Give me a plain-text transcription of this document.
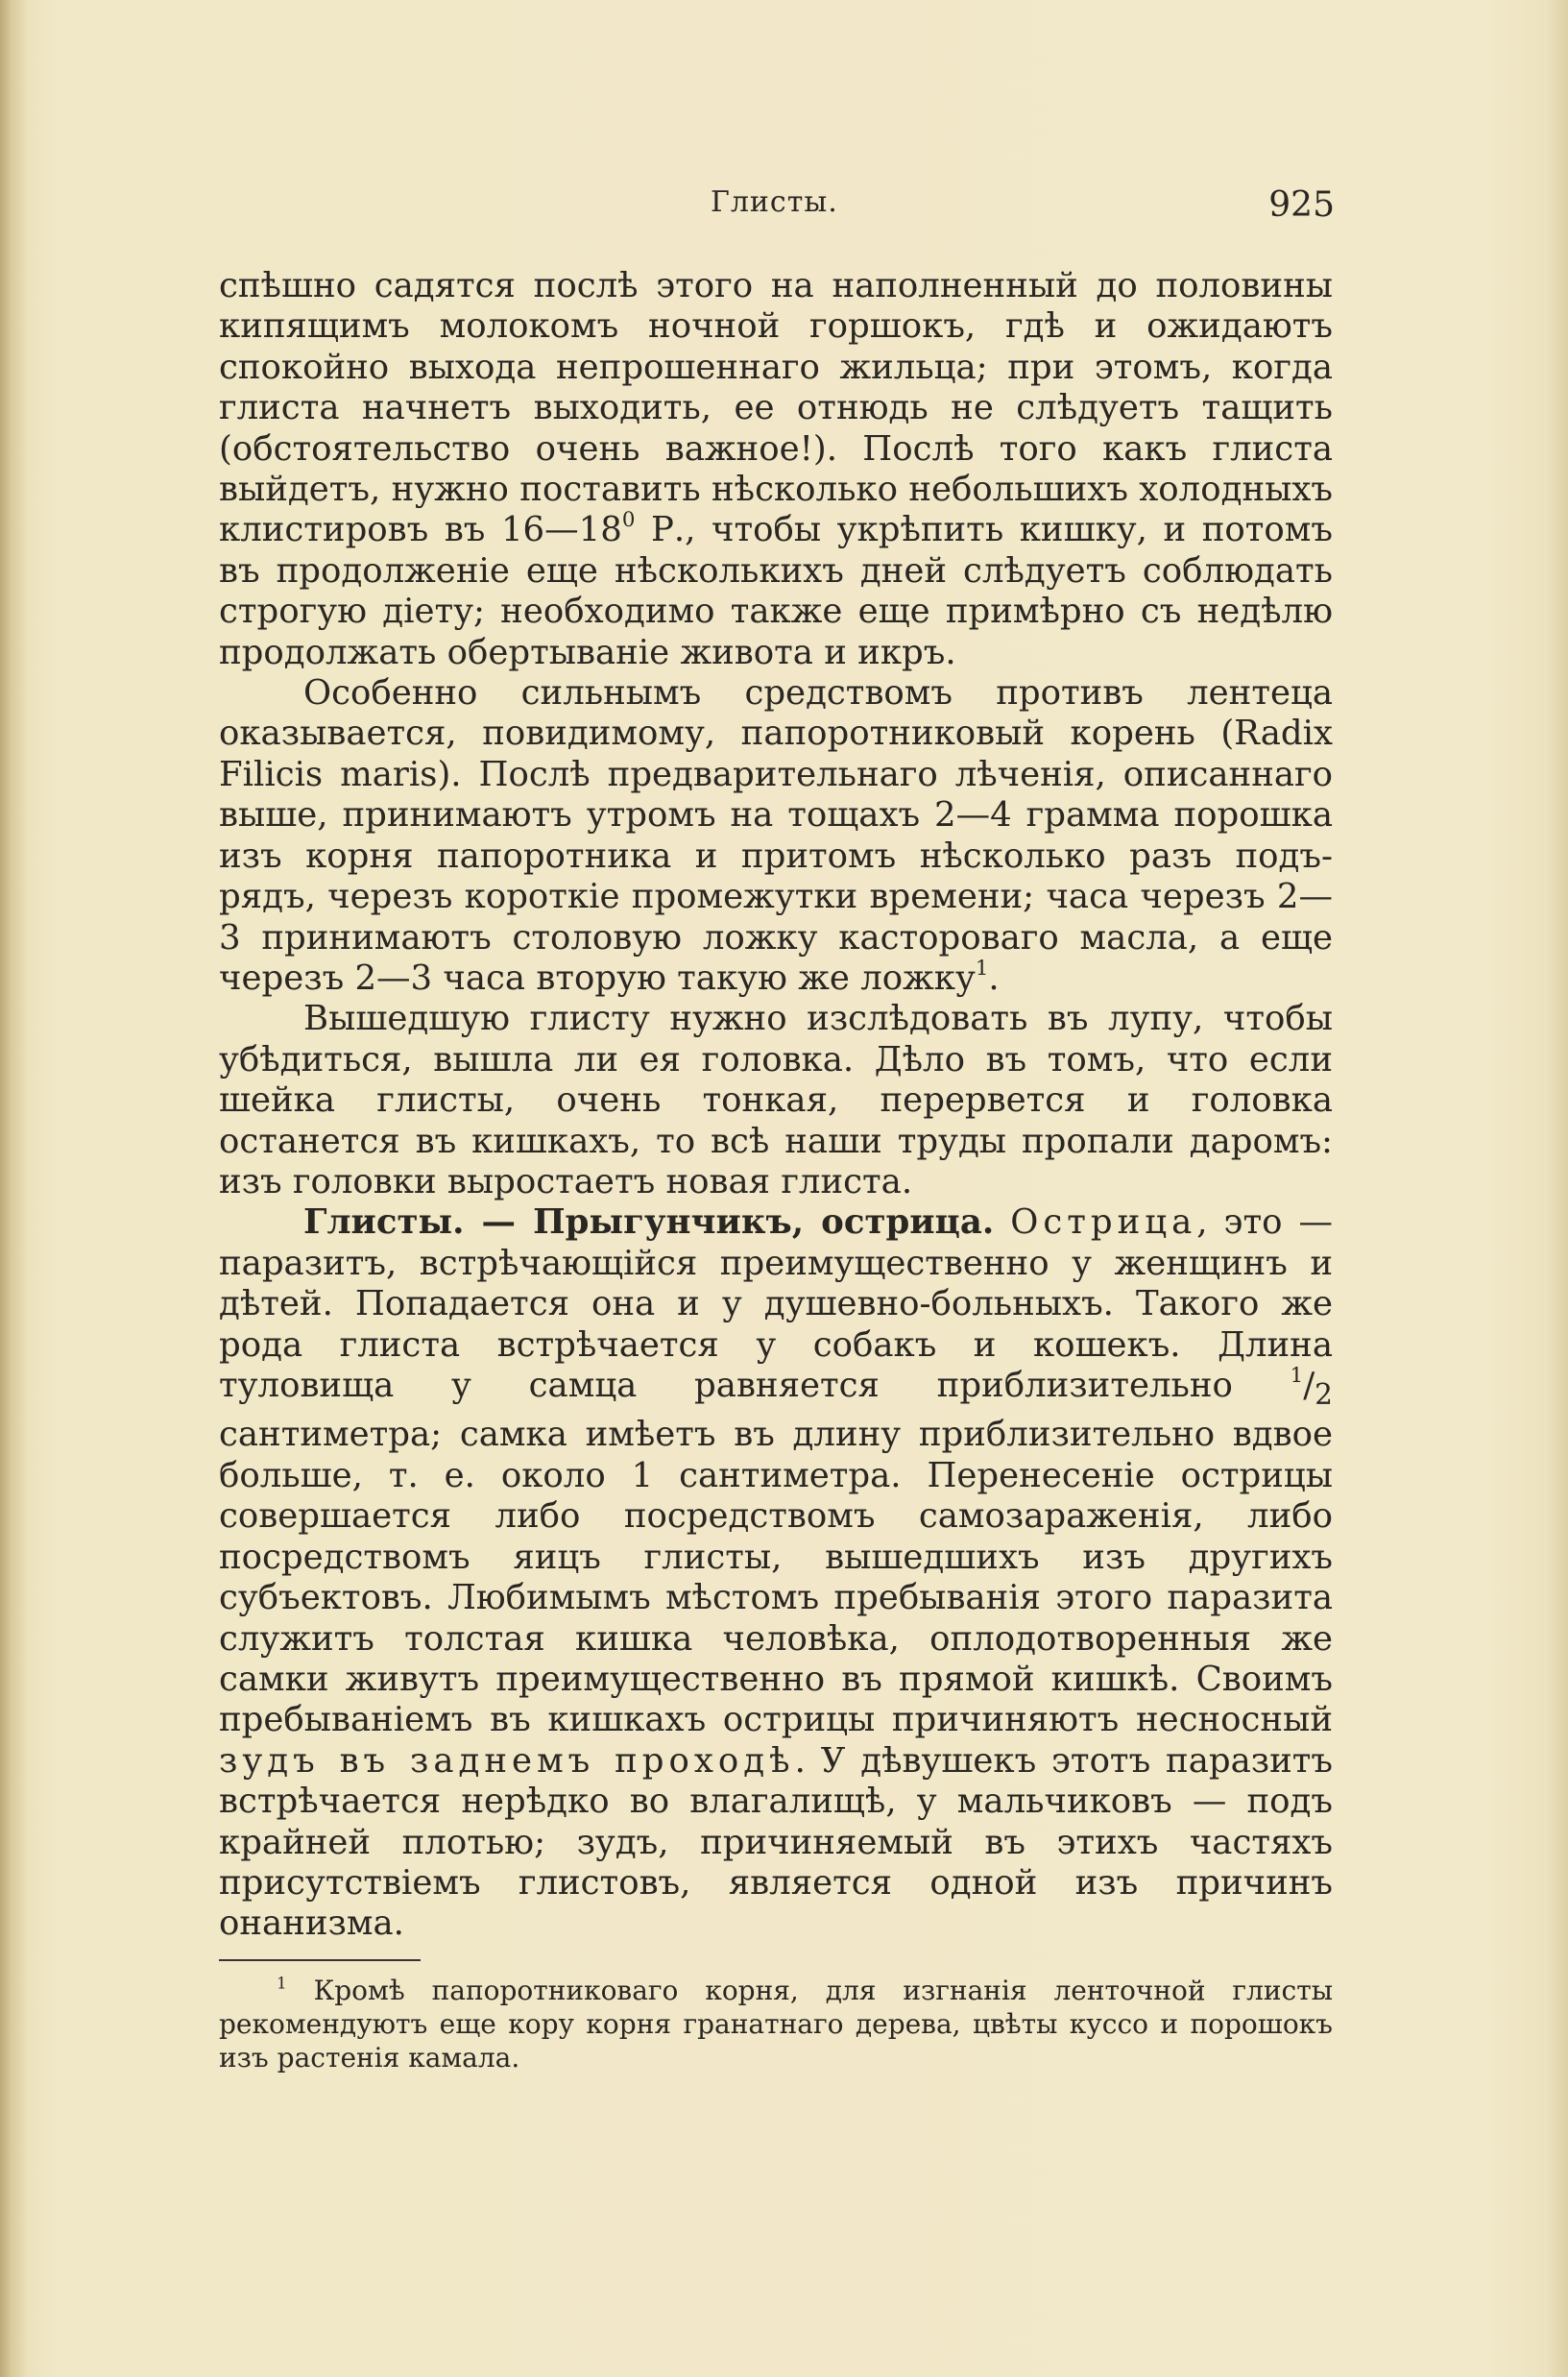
Глисты.	925

спѣшно садятся послѣ этого на наполненный до половины кипящимъ молокомъ ночной горшокъ, гдѣ и ожидаютъ спокойно выхода непрошеннаго жильца; при этомъ, когда глиста начнетъ выходить, ее отнюдь не слѣдуетъ тащить (обстоятельство очень важное!). Послѣ того какъ глиста выйдетъ, нужно поставить нѣсколько небольшихъ холодныхъ клистировъ въ $16—18^0$ Р., чтобы укрѣпить кишку, и потомъ въ продолженіе еще нѣсколькихъ дней слѣдуетъ соблюдать строгую діету; необходимо также еще примѣрно съ недѣлю продолжать обертываніе живота и икръ.

Особенно сильнымъ средствомъ противъ лентеца оказывается, повидимому, папоротниковый корень (Radix Filicis maris). Послѣ предварительнаго лѣченія, описаннаго выше, принимаютъ утромъ на тощахъ 2—4 грамма порошка изъ корня папоротника и притомъ нѣсколько разъ подъ-рядъ, черезъ короткіе промежутки времени; часа черезъ 2—3 принимаютъ столовую ложку касторовaго масла, а еще черезъ 2—3 часа вторую такую же ложку$^1$.

Вышедшую глисту нужно изслѣдовать въ лупу, чтобы убѣдиться, вышла ли ея головка. Дѣло въ томъ, что если шейка глисты, очень тонкая, перервется и головка останется въ кишкахъ, то всѣ наши труды пропали даромъ: изъ головки выростаетъ новая глиста.

Глисты. — Прыгунчикъ, острица. Острица, это — паразитъ, встрѣчающійся преимущественно у женщинъ и дѣтей. Попадается она и у душевно-больныхъ. Такого же рода глиста встрѣчается у собакъ и кошекъ. Длина туловища у самца равняется приблизительно $^1/_2$ сантиметра; самка имѣетъ въ длину приблизительно вдвое больше, т. е. около 1 сантиметра. Перенесеніе острицы совершается либо посредствомъ самозараженія, либо посредствомъ яицъ глисты, вышедшихъ изъ другихъ субъектовъ. Любимымъ мѣстомъ пребыванія этого паразита служитъ толстая кишка человѣка, оплодотворенныя же самки живутъ преимущественно въ прямой кишкѣ. Своимъ пребываніемъ въ кишкахъ острицы причиняютъ несносный зудъ въ заднемъ проходѣ. У дѣвушекъ этотъ паразитъ встрѣчается нерѣдко во влагалищѣ, у мальчиковъ — подъ крайней плотью; зудъ, причиняемый въ этихъ частяхъ присутствіемъ глистовъ, является одной изъ причинъ онанизма.

$^1$ Кромѣ папоротниковаго корня, для изгнанія ленточной глисты рекомендуютъ еще кору корня гранатнаго дерева, цвѣты куссо и порошокъ изъ растенія камала.
